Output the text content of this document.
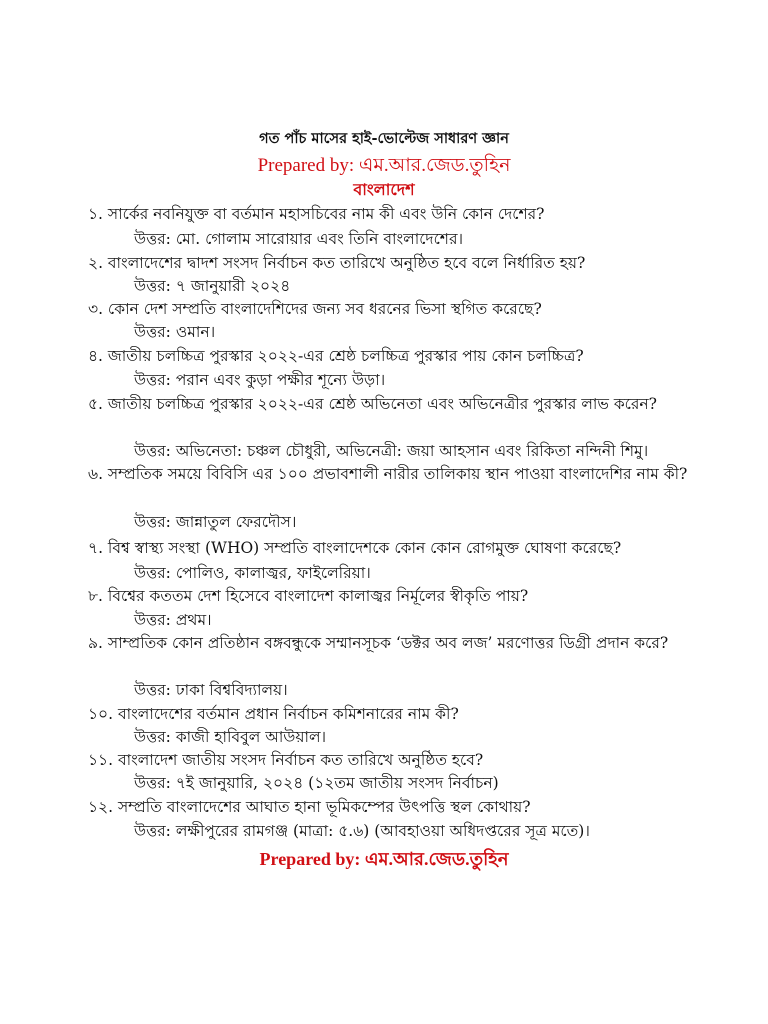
গত পাঁচ মাসের হাই-ভোল্টেজ সাধারণ জ্ঞান
Prepared by: এম.আর.জেড.তুহিন
বাংলাদেশ
১. সার্কের নবনিযুক্ত বা বর্তমান মহাসচিবের নাম কী এবং উনি কোন দেশের?
উত্তর: মো. গোলাম সারোয়ার এবং তিনি বাংলাদেশের।
২. বাংলাদেশের দ্বাদশ সংসদ নির্বাচন কত তারিখে অনুষ্ঠিত হবে বলে নির্ধারিত হয়?
উত্তর: ৭ জানুয়ারী ২০২৪
৩. কোন দেশ সম্প্রতি বাংলাদেশিদের জন্য সব ধরনের ভিসা স্থগিত করেছে?
উত্তর: ওমান।
৪. জাতীয় চলচ্চিত্র পুরস্কার ২০২২-এর শ্রেষ্ঠ চলচ্চিত্র পুরস্কার পায় কোন চলচ্চিত্র?
উত্তর: পরান এবং কুড়া পক্ষীর শূন্যে উড়া।
৫. জাতীয় চলচ্চিত্র পুরস্কার ২০২২-এর শ্রেষ্ঠ অভিনেতা এবং অভিনেত্রীর পুরস্কার লাভ করেন?
উত্তর: অভিনেতা: চঞ্চল চৌধুরী, অভিনেত্রী: জয়া আহসান এবং রিকিতা নন্দিনী শিমু।
৬. সম্প্রতিক সময়ে বিবিসি এর ১০০ প্রভাবশালী নারীর তালিকায় স্থান পাওয়া বাংলাদেশির নাম কী?
উত্তর: জান্নাতুল ফেরদৌস।
৭. বিশ্ব স্বাস্থ্য সংস্থা (WHO) সম্প্রতি বাংলাদেশকে কোন কোন রোগমুক্ত ঘোষণা করেছে?
উত্তর: পোলিও, কালাজ্বর, ফাইলেরিয়া।
৮. বিশ্বের কততম দেশ হিসেবে বাংলাদেশ কালাজ্বর নির্মূলের স্বীকৃতি পায়?
উত্তর: প্রথম।
৯. সাম্প্রতিক কোন প্রতিষ্ঠান বঙ্গবন্ধুকে সম্মানসূচক ‘ডক্টর অব লজ’ মরণোত্তর ডিগ্রী প্রদান করে?
উত্তর: ঢাকা বিশ্ববিদ্যালয়।
১০. বাংলাদেশের বর্তমান প্রধান নির্বাচন কমিশনারের নাম কী?
উত্তর: কাজী হাবিবুল আউয়াল।
১১. বাংলাদেশ জাতীয় সংসদ নির্বাচন কত তারিখে অনুষ্ঠিত হবে?
উত্তর: ৭ই জানুয়ারি, ২০২৪ (১২তম জাতীয় সংসদ নির্বাচন)
১২. সম্প্রতি বাংলাদেশের আঘাত হানা ভূমিকম্পের উৎপত্তি স্থল কোথায়?
উত্তর: লক্ষীপুরের রামগঞ্জ (মাত্রা: ৫.৬) (আবহাওয়া অধিদপ্তরের সূত্র মতে)।
Prepared by: এম.আর.জেড.তুহিন
